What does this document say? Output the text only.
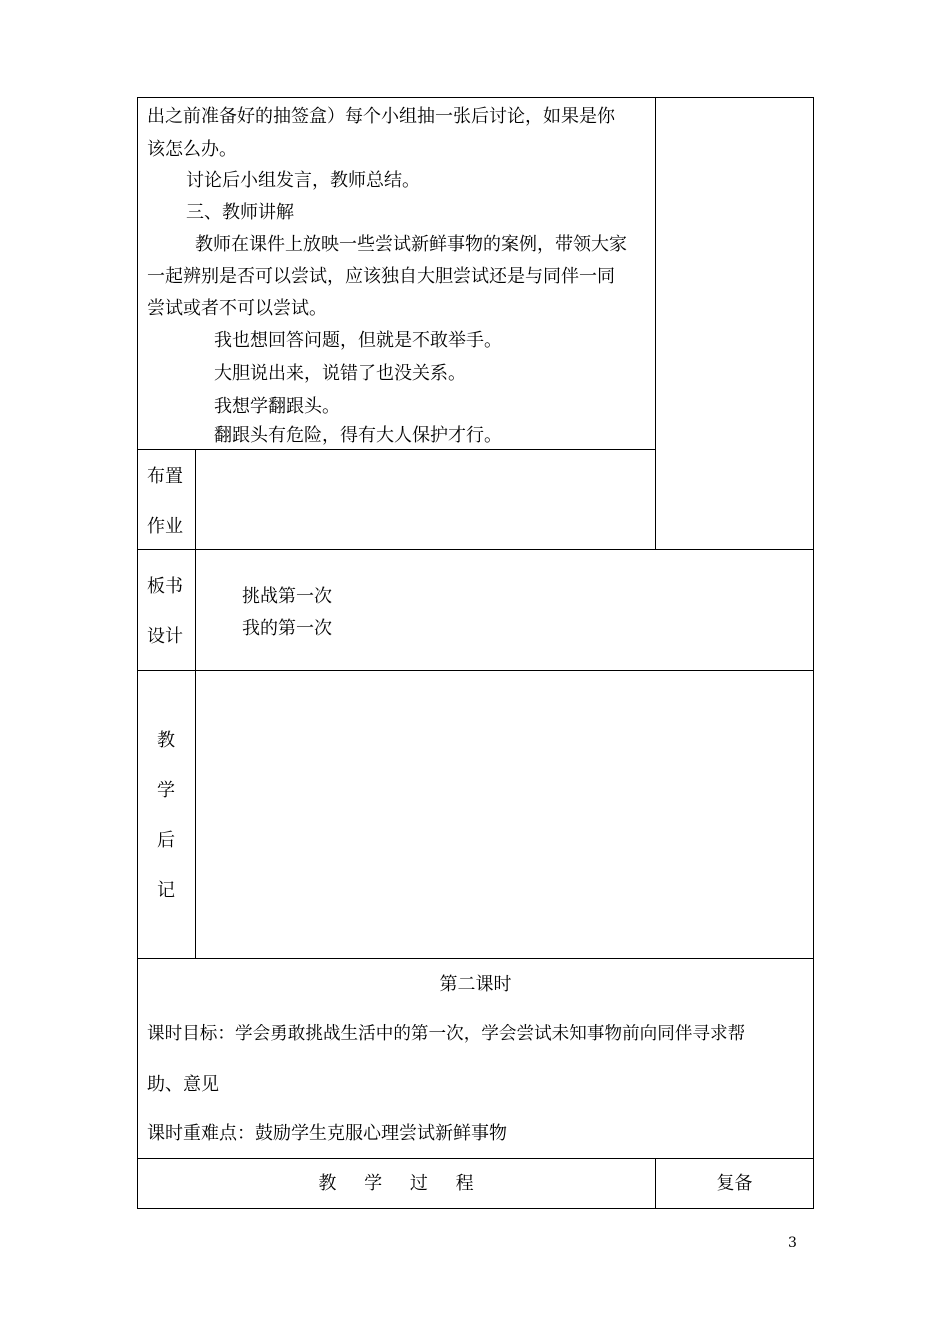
出之前准备好的抽签盒）每个小组抽一张后讨论，如果是你
该怎么办。
讨论后小组发言，教师总结。
三、教师讲解
教师在课件上放映一些尝试新鲜事物的案例，带领大家
一起辨别是否可以尝试，应该独自大胆尝试还是与同伴一同
尝试或者不可以尝试。
我也想回答问题，但就是不敢举手。
大胆说出来，说错了也没关系。
我想学翻跟头。
翻跟头有危险，得有大人保护才行。
布置
作业
板书
设计
挑战第一次
我的第一次
教
学
后
记
第二课时
课时目标：学会勇敢挑战生活中的第一次，学会尝试未知事物前向同伴寻求帮
助、意见
课时重难点：鼓励学生克服心理尝试新鲜事物
教 学 过 程	复备
3
